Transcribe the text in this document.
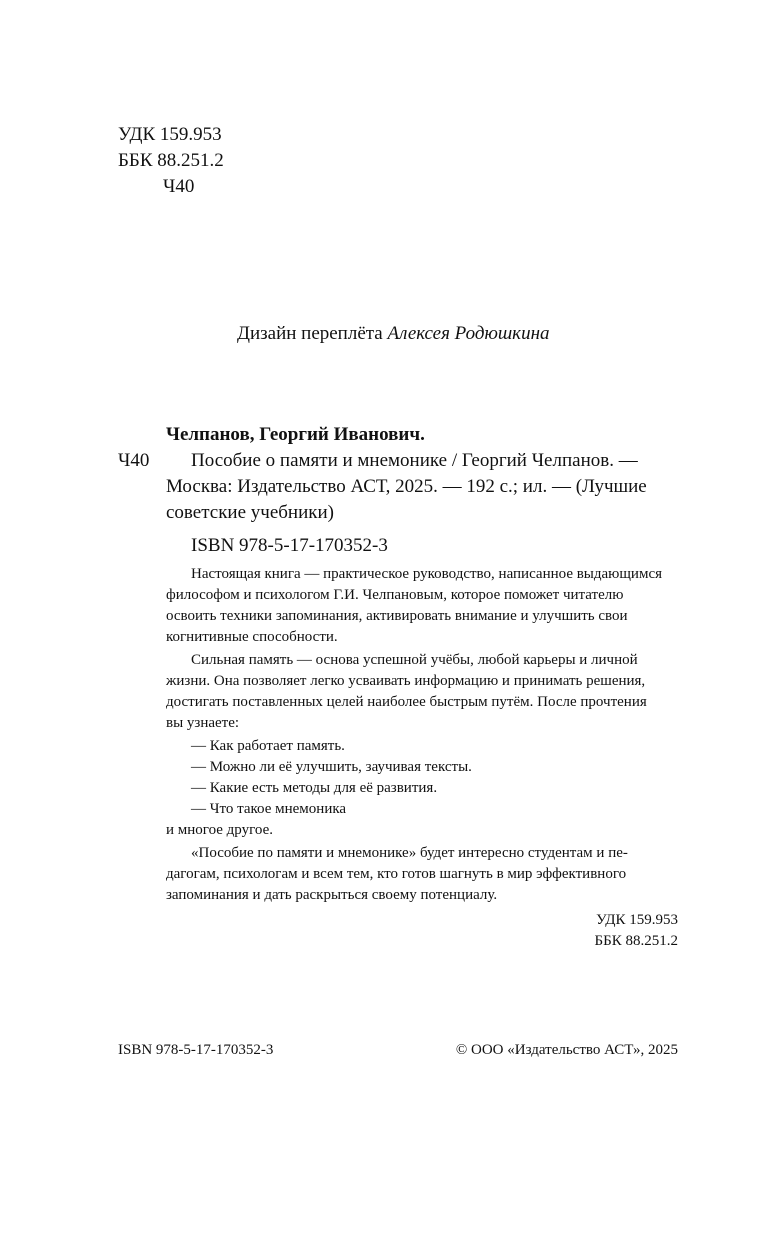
УДК 159.953
ББК 88.251.2
Ч40
Дизайн переплёта Алексея Родюшкина
Челпанов, Георгий Иванович.
Ч40 Пособие о памяти и мнемонике / Георгий Челпанов. —
Москва: Издательство АСТ, 2025. — 192 с.; ил. — (Лучшие
советские учебники)
ISBN 978-5-17-170352-3
Настоящая книга — практическое руководство, написанное выдающимся
философом и психологом Г.И. Челпановым, которое поможет читателю
освоить техники запоминания, активировать внимание и улучшить свои
когнитивные способности.
Сильная память — основа успешной учёбы, любой карьеры и личной
жизни. Она позволяет легко усваивать информацию и принимать решения,
достигать поставленных целей наиболее быстрым путём. После прочтения
вы узнаете:
— Как работает память.
— Можно ли её улучшить, заучивая тексты.
— Какие есть методы для её развития.
— Что такое мнемоника
и многое другое.
«Пособие по памяти и мнемонике» будет интересно студентам и пе-
дагогам, психологам и всем тем, кто готов шагнуть в мир эффективного
запоминания и дать раскрыться своему потенциалу.
УДК 159.953
ББК 88.251.2
ISBN 978-5-17-170352-3	© ООО «Издательство АСТ», 2025
